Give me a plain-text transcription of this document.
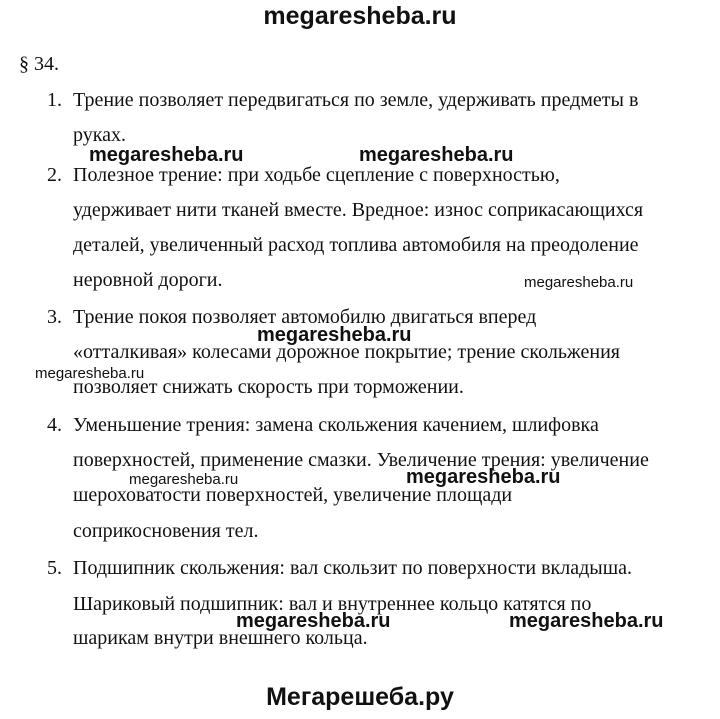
megaresheba.ru
§ 34.
1. Трение позволяет передвигаться по земле, удерживать предметы в
руках.
2. Полезное трение: при ходьбе сцепление с поверхностью,
удерживает нити тканей вместе. Вредное: износ соприкасающихся
деталей, увеличенный расход топлива автомобиля на преодоление
неровной дороги.
3. Трение покоя позволяет автомобилю двигаться вперед
«отталкивая» колесами дорожное покрытие; трение скольжения
позволяет снижать скорость при торможении.
4. Уменьшение трения: замена скольжения качением, шлифовка
поверхностей, применение смазки. Увеличение трения: увеличение
шероховатости поверхностей, увеличение площади
соприкосновения тел.
5. Подшипник скольжения: вал скользит по поверхности вкладыша.
Шариковый подшипник: вал и внутреннее кольцо катятся по
шарикам внутри внешнего кольца.
megaresheba.ru	megaresheba.ru
megaresheba.ru
megaresheba.ru
megaresheba.ru
megaresheba.ru	megaresheba.ru
megaresheba.ru	megaresheba.ru
Мегарешеба.ру
